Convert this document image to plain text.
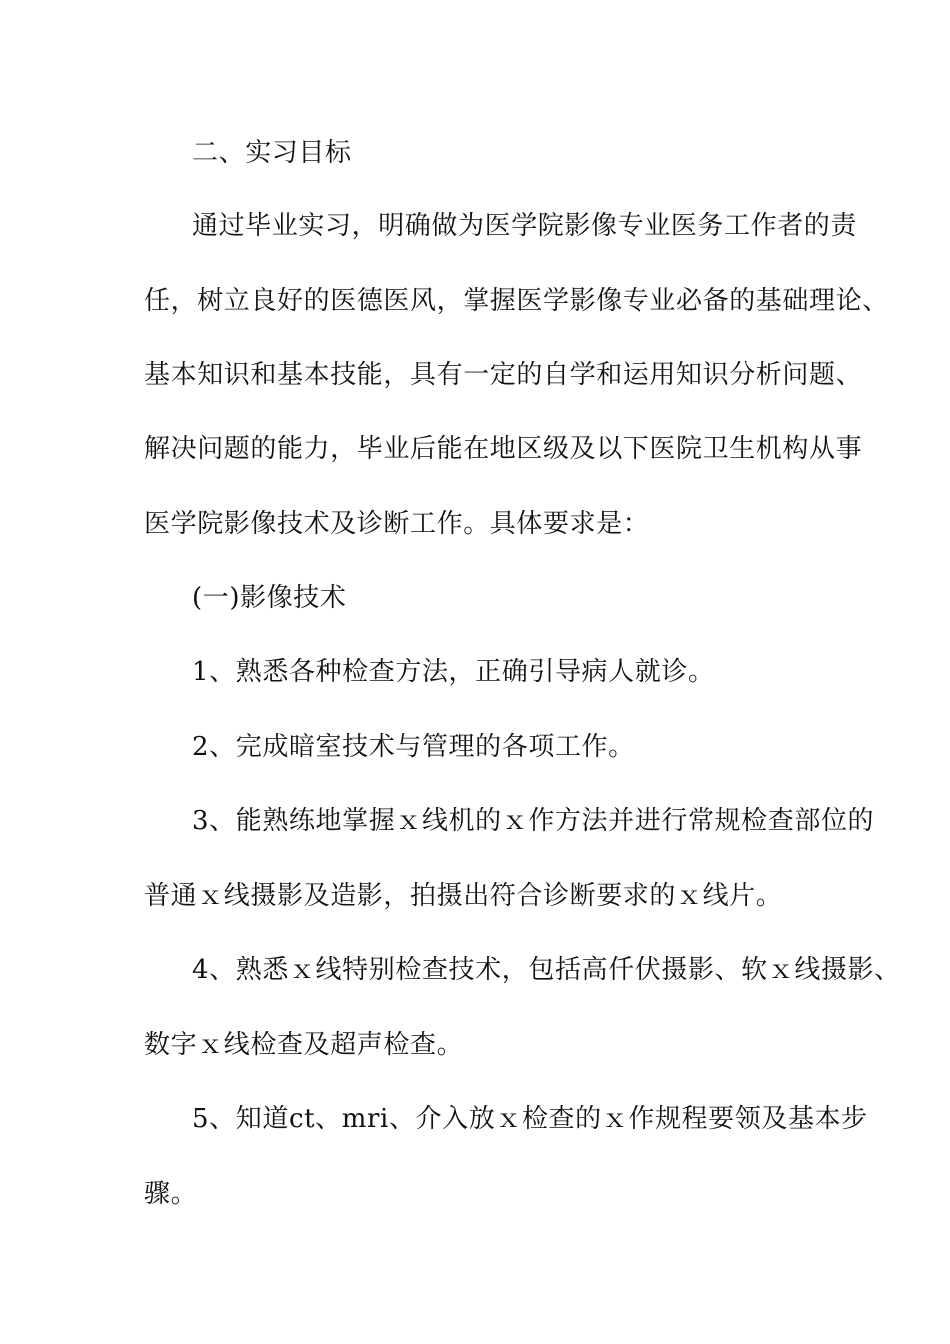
二、实习目标
通过毕业实习，明确做为医学院影像专业医务工作者的责
任，树立良好的医德医风，掌握医学影像专业必备的基础理论、
基本知识和基本技能，具有一定的自学和运用知识分析问题、
解决问题的能力，毕业后能在地区级及以下医院卫生机构从事
医学院影像技术及诊断工作。具体要求是：
(一)影像技术
1、熟悉各种检查方法，正确引导病人就诊。
2、完成暗室技术与管理的各项工作。
3、能熟练地掌握ｘ线机的ｘ作方法并进行常规检查部位的
普通ｘ线摄影及造影，拍摄出符合诊断要求的ｘ线片。
4、熟悉ｘ线特别检查技术，包括高仟伏摄影、软ｘ线摄影、
数字ｘ线检查及超声检查。
5、知道ct、mri、介入放ｘ检查的ｘ作规程要领及基本步
骤。
